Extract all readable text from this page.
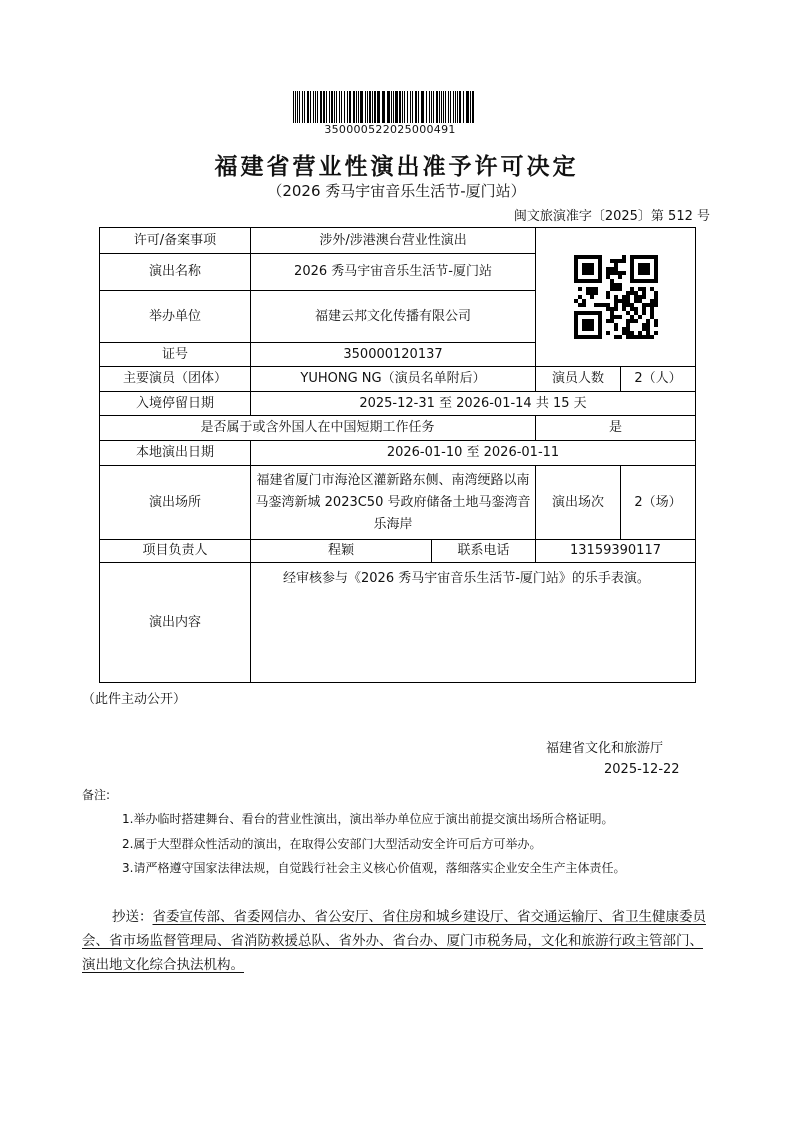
350000522025000491
福建省营业性演出准予许可决定
（2026 秀马宇宙音乐生活节-厦门站）
闽文旅演准字〔2025〕第 512 号
许可/备案事项	涉外/涉港澳台营业性演出			

演出名称	2026 秀马宇宙音乐生活节-厦门站			
举办单位	福建云邦文化传播有限公司			
证号	350000120137			
主要演员（团体）	YUHONG NG（演员名单附后）		演员人数	2（人）
入境停留日期	2025-12-31 至 2026-01-14 共 15 天			
是否属于或含外国人在中国短期工作任务			是	
本地演出日期	2026-01-10 至 2026-01-11			
演出场所	福建省厦门市海沧区灌新路东侧、南湾绠路以南马銮湾新城 2023C50 号政府储备土地马銮湾音乐海岸		演出场次	2（场）
项目负责人	程颖	联系电话	13159390117	
演出内容	经审核参与《2026 秀马宇宙音乐生活节-厦门站》的乐手表演。			
（此件主动公开）
福建省文化和旅游厅
2025-12-22
备注:
1.举办临时搭建舞台、看台的营业性演出，演出举办单位应于演出前提交演出场所合格证明。
2.属于大型群众性活动的演出，在取得公安部门大型活动安全许可后方可举办。
3.请严格遵守国家法律法规，自觉践行社会主义核心价值观，落细落实企业安全生产主体责任。
抄送：省委宣传部、省委网信办、省公安厅、省住房和城乡建设厅、省交通运输厅、省卫生健康委员会、省市场监督管理局、省消防救援总队、省外办、省台办、厦门市税务局，文化和旅游行政主管部门、演出地文化综合执法机构。
